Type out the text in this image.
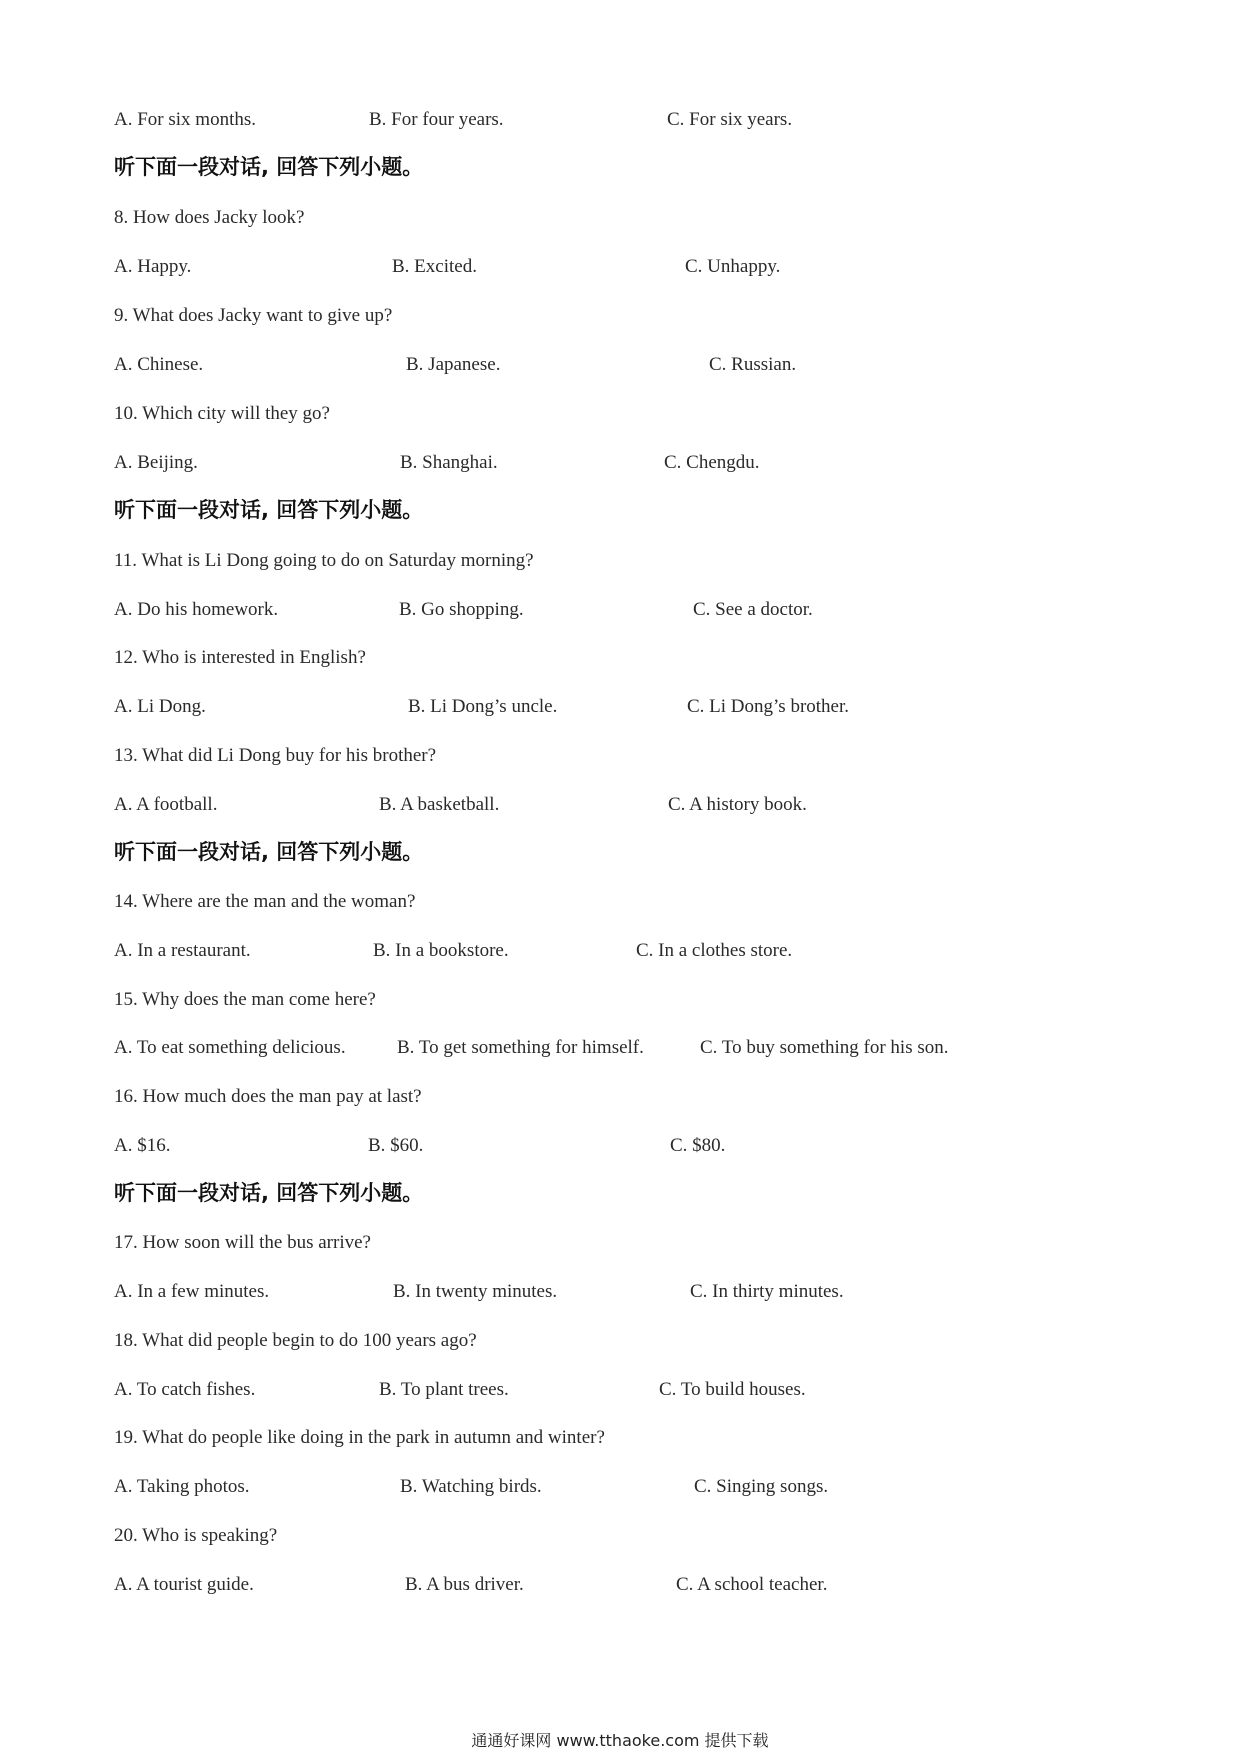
A. For six months.	B. For four years.	C. For six years.
听下面一段对话, 回答下列小题。
8. How does Jacky look?
A. Happy.	B. Excited.	C. Unhappy.
9. What does Jacky want to give up?
A. Chinese.	B. Japanese.	C. Russian.
10. Which city will they go?
A. Beijing.	B. Shanghai.	C. Chengdu.
听下面一段对话, 回答下列小题。
11. What is Li Dong going to do on Saturday morning?
A. Do his homework.	B. Go shopping.	C. See a doctor.
12. Who is interested in English?
A. Li Dong.	B. Li Dong’s uncle.	C. Li Dong’s brother.
13. What did Li Dong buy for his brother?
A. A football.	B. A basketball.	C. A history book.
听下面一段对话, 回答下列小题。
14. Where are the man and the woman?
A. In a restaurant.	B. In a bookstore.	C. In a clothes store.
15. Why does the man come here?
A. To eat something delicious.	B. To get something for himself.	C. To buy something for his son.
16. How much does the man pay at last?
A. $16.	B. $60.	C. $80.
听下面一段对话, 回答下列小题。
17. How soon will the bus arrive?
A. In a few minutes.	B. In twenty minutes.	C. In thirty minutes.
18. What did people begin to do 100 years ago?
A. To catch fishes.	B. To plant trees.	C. To build houses.
19. What do people like doing in the park in autumn and winter?
A. Taking photos.	B. Watching birds.	C. Singing songs.
20. Who is speaking?
A. A tourist guide.	B. A bus driver.	C. A school teacher.
通通好课网 www.tthaoke.com 提供下载
